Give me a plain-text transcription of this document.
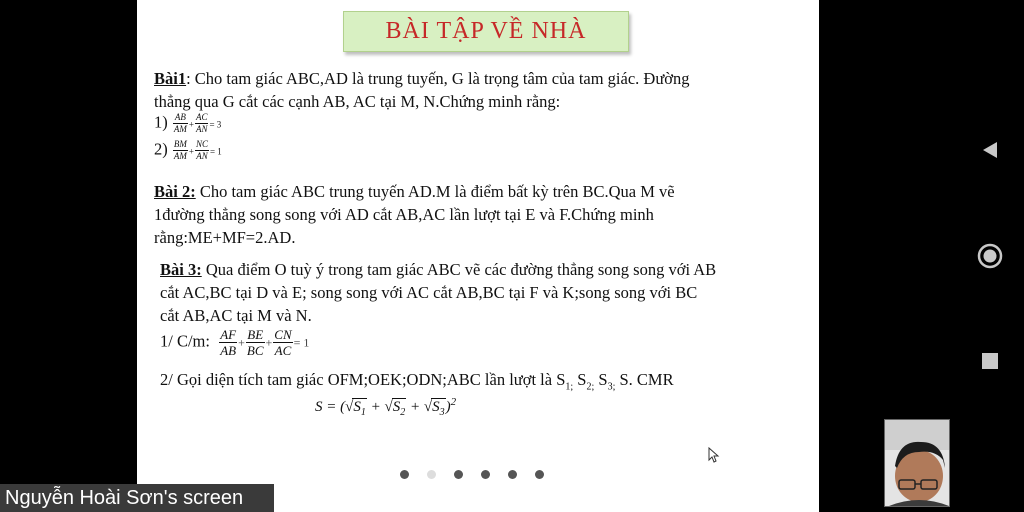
BÀI TẬP VỀ NHÀ
Bài1: Cho tam giác ABC,AD là trung tuyến, G là trọng tâm của tam giác. Đường
thẳng qua G cắt các cạnh AB, AC tại M, N.Chứng minh rằng:
$1) \frac{AB}{AM} + \frac{AC}{AN} = 3$
$2) \frac{BM}{AM} + \frac{NC}{AN} = 1$
Bài 2: Cho tam giác ABC trung tuyến AD.M là điểm bất kỳ trên BC.Qua M vẽ
1đường thẳng song song với AD cắt AB,AC lần lượt tại E và F.Chứng minh
rằng:ME+MF=2.AD.
Bài 3: Qua điểm O tuỳ ý trong tam giác ABC vẽ các đường thẳng song song với AB
cắt AC,BC tại D và E; song song với AC cắt AB,BC tại F và K;song song với BC
cắt AB,AC tại M và N.
1/ C/m: $\frac{AF}{AB} + \frac{BE}{BC} + \frac{CN}{AC} = 1$
2/ Gọi diện tích tam giác OFM;OEK;ODN;ABC lần lượt là $S_{1;}$ $S_{2;}$ $S_{3;}$ S. CMR
$S = (√S_1 + √S_2 + √S_3)^2$
Nguyễn Hoài Sơn's screen
